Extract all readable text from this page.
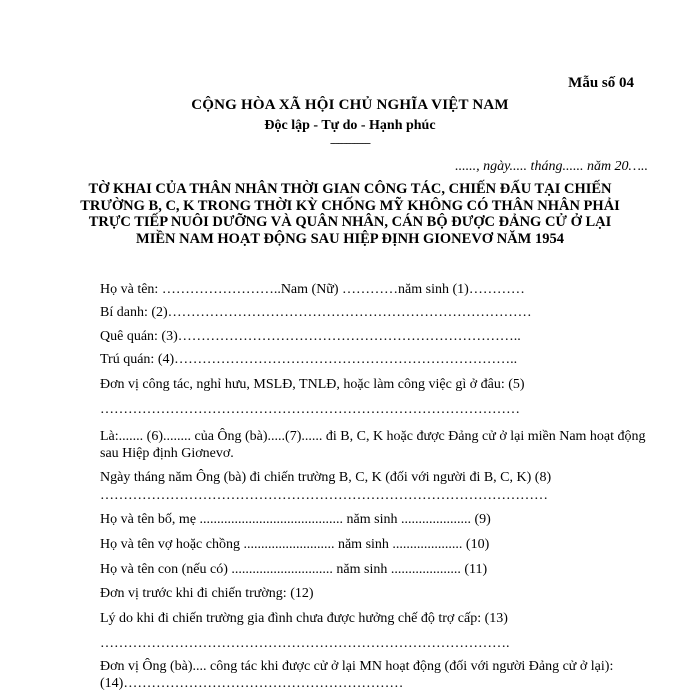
Mẫu số 04
CỘNG HÒA XÃ HỘI CHỦ NGHĨA VIỆT NAM
Độc lập - Tự do - Hạnh phúc
---------------
......, ngày..... tháng...... năm 20…..
TỜ KHAI CỦA THÂN NHÂN THỜI GIAN CÔNG TÁC, CHIẾN ĐẤU TẠI CHIẾN TRƯỜNG B, C, K TRONG THỜI KỲ CHỐNG MỸ KHÔNG CÓ THÂN NHÂN PHẢI TRỰC TIẾP NUÔI DƯỠNG VÀ QUÂN NHÂN, CÁN BỘ ĐƯỢC ĐẢNG CỬ Ở LẠI MIỀN NAM HOẠT ĐỘNG SAU HIỆP ĐỊNH GIONEVƠ NĂM 1954
Họ và tên: ……………………..Nam (Nữ) …………năm sinh (1)…………
Bí danh: (2)……………………………………………………………………
Quê quán: (3)………………………………………………………………..
Trú quán: (4)………………………………………………………………..
Đơn vị công tác, nghỉ hưu, MSLĐ, TNLĐ, hoặc làm công việc gì ở đâu: (5)
………………………………………………………………………………
Là:....... (6)........ của Ông (bà).....(7)...... đi B, C, K hoặc được Đảng cử ở lại miền Nam hoạt động sau Hiệp định Giơnevơ.
Ngày tháng năm Ông (bà) đi chiến trường B, C, K (đối với người đi B, C, K) (8)
……………………………………………………………………………………
Họ và tên bố, mẹ ......................................... năm sinh .................... (9)
Họ và tên vợ hoặc chồng .......................... năm sinh .................... (10)
Họ và tên con (nếu có) ............................. năm sinh .................... (11)
Đơn vị trước khi đi chiến trường: (12)
Lý do khi đi chiến trường gia đình chưa được hưởng chế độ trợ cấp: (13)
…………………………………………………………………………….
Đơn vị Ông (bà).... công tác khi được cử ở lại MN hoạt động (đối với người Đảng cử ở lại): (14)……………………………………………………
